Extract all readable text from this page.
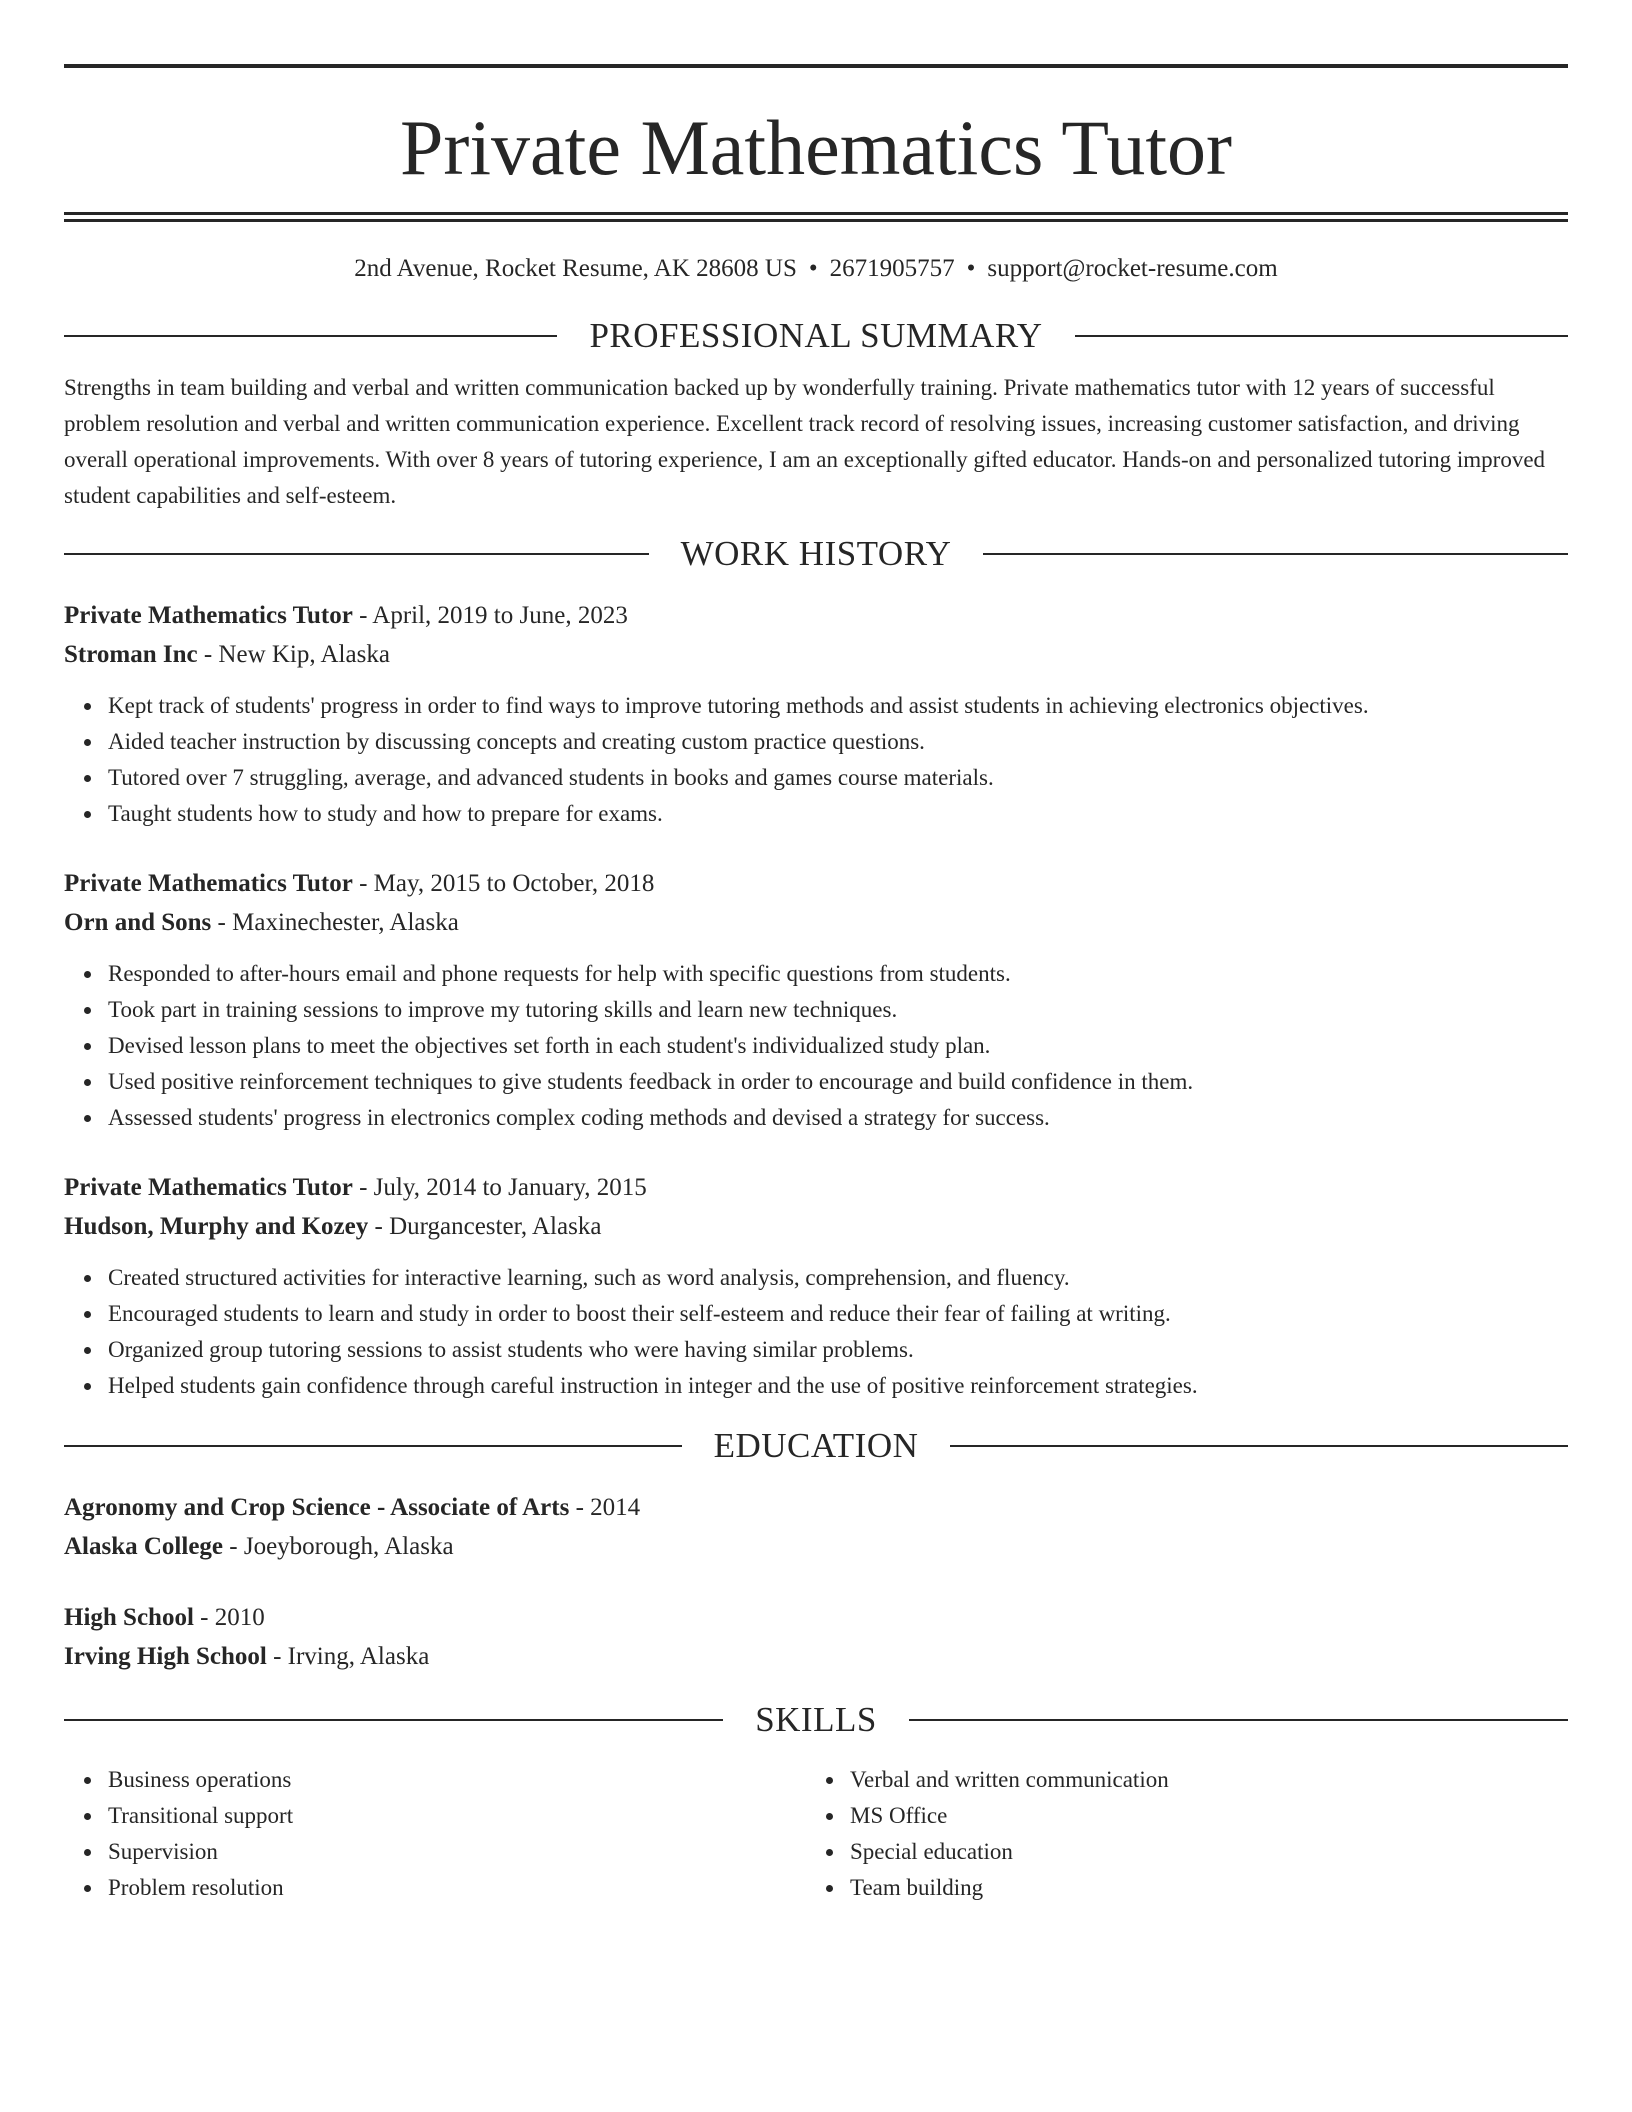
Private Mathematics Tutor
2nd Avenue, Rocket Resume, AK 28608 US • 2671905757 • support@rocket-resume.com
PROFESSIONAL SUMMARY

Strengths in team building and verbal and written communication backed up by wonderfully training. Private mathematics tutor with 12 years of successful problem resolution and verbal and written communication experience. Excellent track record of resolving issues, increasing customer satisfaction, and driving overall operational improvements. With over 8 years of tutoring experience, I am an exceptionally gifted educator. Hands-on and personalized tutoring improved student capabilities and self-esteem.

WORK HISTORY
Private Mathematics Tutor - April, 2019 to June, 2023
Stroman Inc - New Kip, Alaska
Kept track of students' progress in order to find ways to improve tutoring methods and assist students in achieving electronics objectives.
Aided teacher instruction by discussing concepts and creating custom practice questions.
Tutored over 7 struggling, average, and advanced students in books and games course materials.
Taught students how to study and how to prepare for exams.
Private Mathematics Tutor - May, 2015 to October, 2018
Orn and Sons - Maxinechester, Alaska
Responded to after-hours email and phone requests for help with specific questions from students.
Took part in training sessions to improve my tutoring skills and learn new techniques.
Devised lesson plans to meet the objectives set forth in each student's individualized study plan.
Used positive reinforcement techniques to give students feedback in order to encourage and build confidence in them.
Assessed students' progress in electronics complex coding methods and devised a strategy for success.
Private Mathematics Tutor - July, 2014 to January, 2015
Hudson, Murphy and Kozey - Durgancester, Alaska
Created structured activities for interactive learning, such as word analysis, comprehension, and fluency.
Encouraged students to learn and study in order to boost their self-esteem and reduce their fear of failing at writing.
Organized group tutoring sessions to assist students who were having similar problems.
Helped students gain confidence through careful instruction in integer and the use of positive reinforcement strategies.
EDUCATION
Agronomy and Crop Science - Associate of Arts - 2014
Alaska College - Joeyborough, Alaska
High School - 2010
Irving High School - Irving, Alaska
SKILLS
Business operations
Transitional support
Supervision
Problem resolution
Verbal and written communication
MS Office
Special education
Team building
